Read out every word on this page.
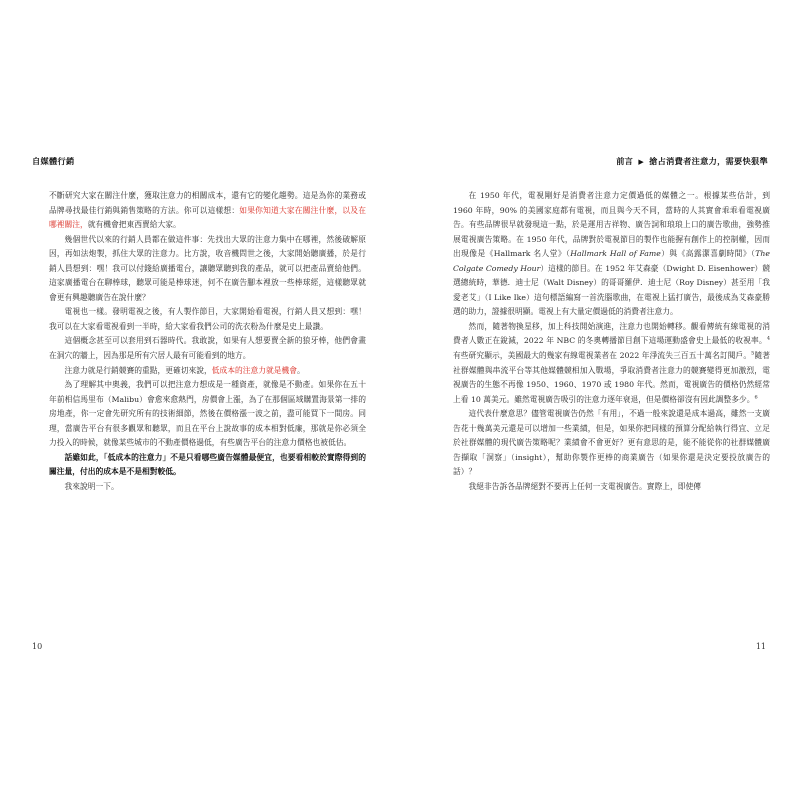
自媒體行銷

不斷研究大家在關注什麼，獲取注意力的相關成本，還有它的變化趨勢。這是為你的業務或品牌尋找最佳行銷與銷售策略的方法。你可以這樣想：如果你知道大家在關注什麼，以及在哪裡關注，就有機會把東西賣給大家。

幾個世代以來的行銷人員都在做這件事：先找出大眾的注意力集中在哪裡，然後破解原因，再如法炮製，抓住大眾的注意力。比方說，收音機問世之後，大家開始聽廣播，於是行銷人員想到：嘿！我可以付錢給廣播電台，讓聽眾聽到我的產品，就可以把產品賣給他們。這家廣播電台在聊棒球，聽眾可能是棒球迷，何不在廣告腳本裡放一些棒球經，這樣聽眾就會更有興趣聽廣告在說什麼？

電視也一樣。發明電視之後，有人製作節目，大家開始看電視，行銷人員又想到：嘿！我可以在大家看電視看到一半時，給大家看我們公司的洗衣粉為什麼是史上最讚。

這個概念甚至可以套用到石器時代。我敢說，如果有人想要賣全新的狼牙棒，他們會畫在洞穴的牆上，因為那是所有穴居人最有可能看到的地方。

注意力就是行銷競賽的重點，更確切來說，低成本的注意力就是機會。

為了理解其中奧義，我們可以把注意力想成是一種資產，就像是不動產。如果你在五十年前相信馬里布（Malibu）會愈來愈熱門，房價會上漲，為了在那個區域購置海景第一排的房地產，你一定會先研究所有的技術細節，然後在價格漲一波之前，盡可能買下一間房。同理，當廣告平台有很多觀眾和聽眾，而且在平台上說故事的成本相對低廉，那就是你必須全力投入的時候，就像某些城市的不動產價格過低，有些廣告平台的注意力價格也被低估。

話雖如此，「低成本的注意力」不是只看哪些廣告媒體最便宜，也要看相較於實際得到的關注量，付出的成本是不是相對較低。

我來說明一下。

10
前言 ▶ 搶占消費者注意力，需要快狠準

在 1950 年代，電視剛好是消費者注意力定價過低的媒體之一。根據某些估計，到 1960 年時，90% 的美國家庭都有電視，而且與今天不同，當時的人其實會乖乖看電視廣告。有些品牌很早就發現這一點，於是運用吉祥物、廣告詞和琅琅上口的廣告歌曲，強勢推展電視廣告策略。在 1950 年代，品牌對於電視節目的製作也能握有創作上的控制權，因而出現像是《Hallmark 名人堂》（Hallmark Hall of Fame）與《高露潔喜劇時間》（The Colgate Comedy Hour）這樣的節目。在 1952 年艾森豪（Dwight D. Eisenhower）競選總統時，華德．迪士尼（Walt Disney）的哥哥羅伊．迪士尼（Roy Disney）甚至用「我愛老艾」（I Like Ike）這句標語編寫一首洗腦歌曲，在電視上猛打廣告，最後成為艾森豪勝選的助力，證據很明顯。電視上有大量定價過低的消費者注意力。

然而，隨著物換星移，加上科技開始演進，注意力也開始轉移。觀看傳統有線電視的消費者人數正在銳減，2022 年 NBC 的冬奧轉播節目創下這場運動盛會史上最低的收視率。$^4$有些研究顯示，美國最大的幾家有線電視業者在 2022 年淨流失三百五十萬名訂閱戶。$^5$隨著社群媒體與串流平台等其他媒體競相加入戰場，爭取消費者注意力的競賽變得更加激烈，電視廣告的生態不再像 1950、1960、1970 或 1980 年代。然而，電視廣告的價格仍然經常上看 10 萬美元。雖然電視廣告吸引的注意力逐年衰退，但是價格卻沒有因此調整多少。$^6$

這代表什麼意思？儘管電視廣告仍然「有用」，不過一般來說還是成本過高，雖然一支廣告花十幾萬美元還是可以增加一些業績，但是，如果你把同樣的預算分配給執行得宜、立足於社群媒體的現代廣告策略呢？業績會不會更好？更有意思的是，能不能從你的社群媒體廣告擷取「洞察」（insight），幫助你製作更棒的商業廣告（如果你還是決定要投放廣告的話）？

我絕非告訴各品牌絕對不要再上任何一支電視廣告。實際上，即使傳

11
